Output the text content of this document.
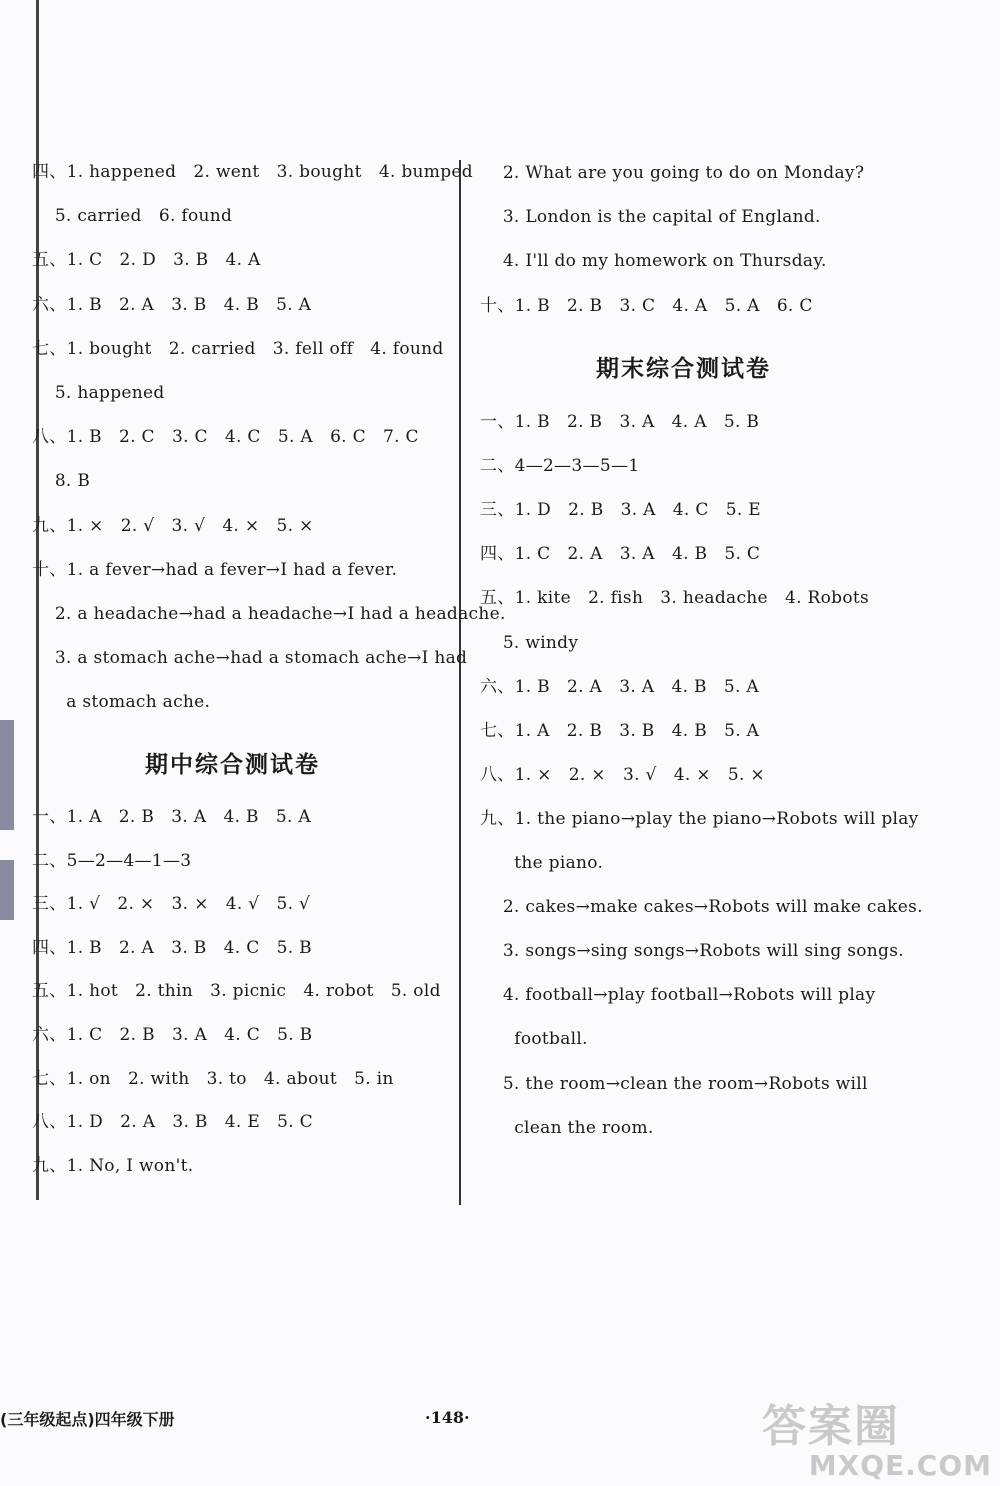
四、1. happened   2. went   3. bought   4. bumped
5. carried   6. found
五、1. C   2. D   3. B   4. A
六、1. B   2. A   3. B   4. B   5. A
七、1. bought   2. carried   3. fell off   4. found
5. happened
八、1. B   2. C   3. C   4. C   5. A   6. C   7. C
8. B
九、1. ×   2. √   3. √   4. ×   5. ×
十、1. a fever→had a fever→I had a fever.
2. a headache→had a headache→I had a headache.
3. a stomach ache→had a stomach ache→I had
a stomach ache.
期中综合测试卷
一、1. A   2. B   3. A   4. B   5. A
二、5—2—4—1—3
三、1. √   2. ×   3. ×   4. √   5. √
四、1. B   2. A   3. B   4. C   5. B
五、1. hot   2. thin   3. picnic   4. robot   5. old
六、1. C   2. B   3. A   4. C   5. B
七、1. on   2. with   3. to   4. about   5. in
八、1. D   2. A   3. B   4. E   5. C
九、1. No, I won't.
2. What are you going to do on Monday?
3. London is the capital of England.
4. I'll do my homework on Thursday.
十、1. B   2. B   3. C   4. A   5. A   6. C
期末综合测试卷
一、1. B   2. B   3. A   4. A   5. B
二、4—2—3—5—1
三、1. D   2. B   3. A   4. C   5. E
四、1. C   2. A   3. A   4. B   5. C
五、1. kite   2. fish   3. headache   4. Robots
5. windy
六、1. B   2. A   3. A   4. B   5. A
七、1. A   2. B   3. B   4. B   5. A
八、1. ×   2. ×   3. √   4. ×   5. ×
九、1. the piano→play the piano→Robots will play
the piano.
2. cakes→make cakes→Robots will make cakes.
3. songs→sing songs→Robots will sing songs.
4. football→play football→Robots will play
football.
5. the room→clean the room→Robots will
clean the room.
(三年级起点)四年级下册	·148·	答案圈
MXQE.COM
